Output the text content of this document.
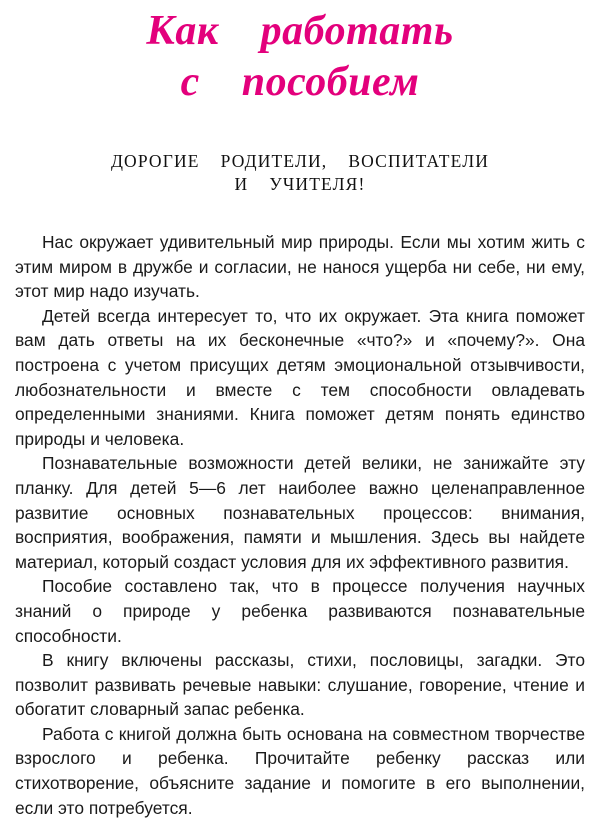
Как  работать
с  пособием
ДОРОГИЕ  РОДИТЕЛИ,  ВОСПИТАТЕЛИ
И  УЧИТЕЛЯ!

Нас окружает удивительный мир природы. Если мы хотим жить с этим миром в дружбе и согласии, не нанося ущерба ни себе, ни ему, этот мир надо изучать.

Детей всегда интересует то, что их окружает. Эта книга поможет вам дать ответы на их бесконечные «что?» и «почему?». Она построена с учетом присущих детям эмоциональной отзывчивости, любознательности и вместе с тем способности овладевать определенными знаниями. Книга поможет детям понять единство природы и человека.

Познавательные возможности детей велики, не занижайте эту планку. Для детей 5—6 лет наиболее важно целенаправленное развитие основных познавательных процессов: внимания, восприятия, воображения, памяти и мышления. Здесь вы найдете материал, который создаст условия для их эффективного развития.

Пособие составлено так, что в процессе получения научных знаний о природе у ребенка развиваются познавательные способности.

В книгу включены рассказы, стихи, пословицы, загадки. Это позволит развивать речевые навыки: слушание, говорение, чтение и обогатит словарный запас ребенка.

Работа с книгой должна быть основана на совместном творчестве взрослого и ребенка. Прочитайте ребенку рассказ или стихотворение, объясните задание и помогите в его выполнении, если это потребуется.
